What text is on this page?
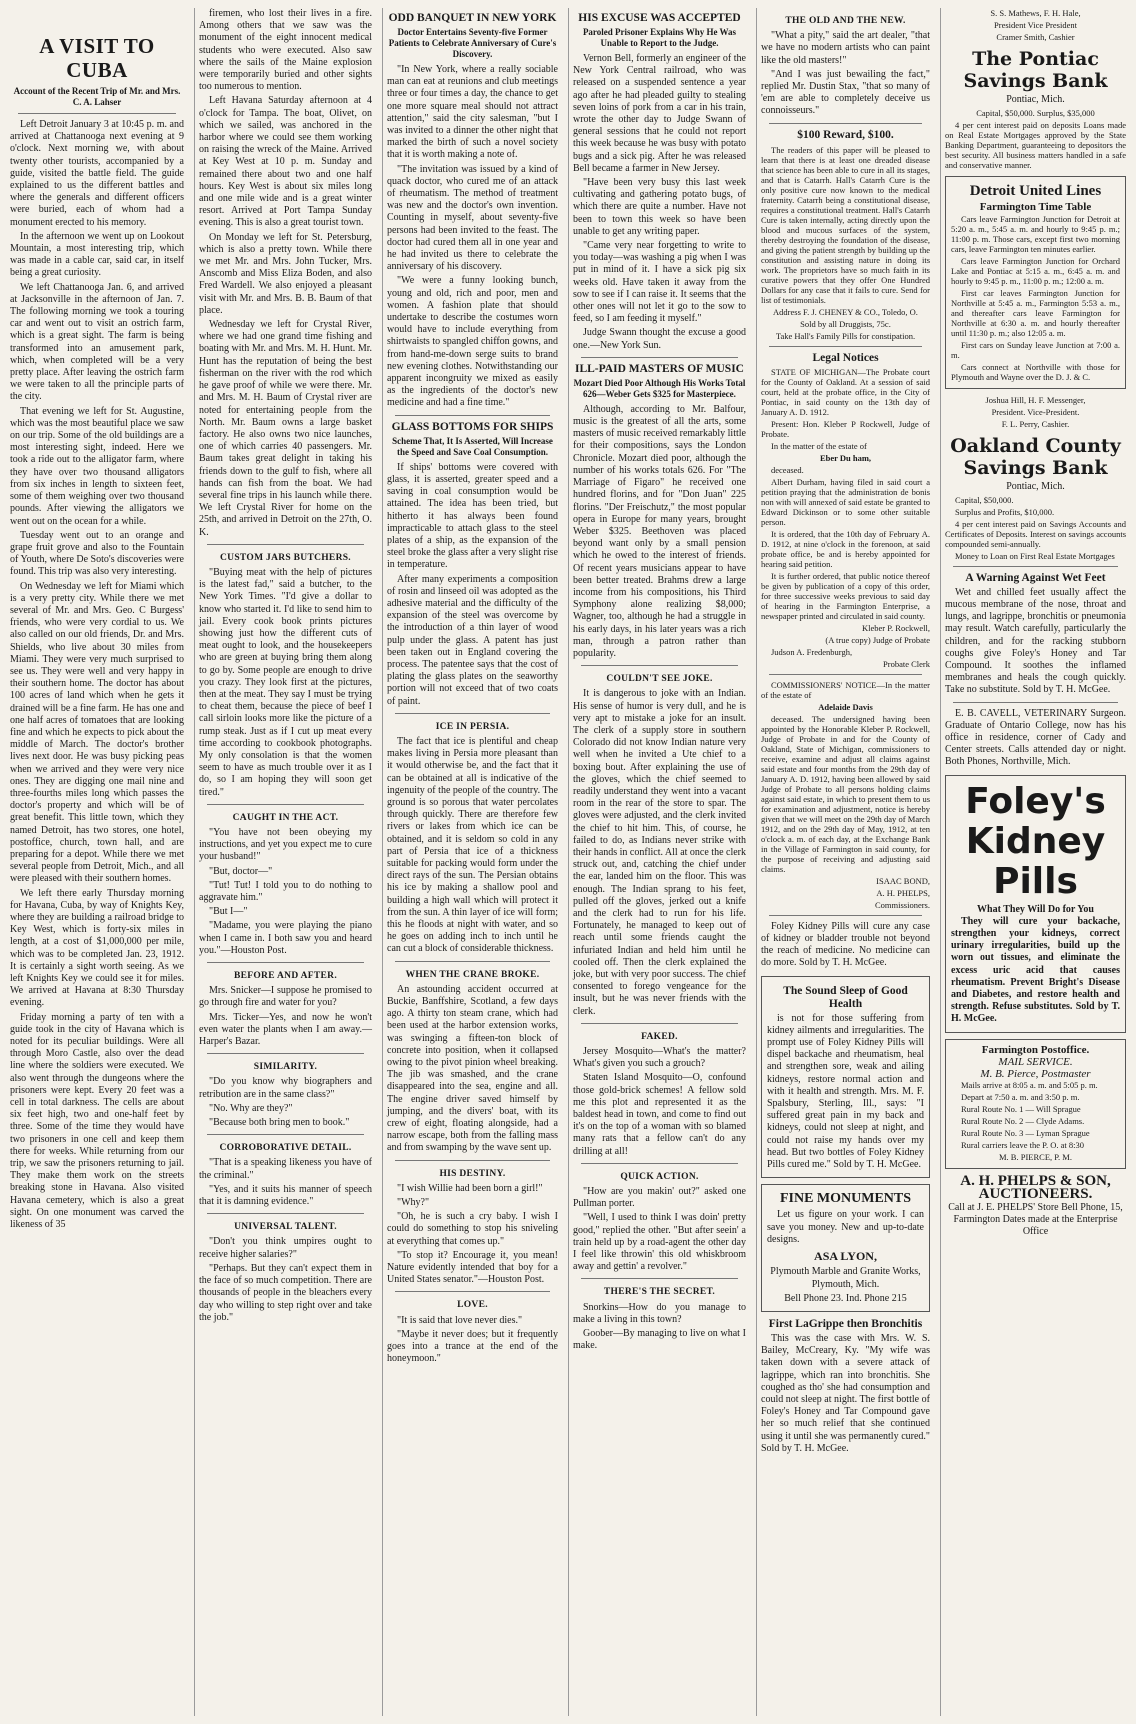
A VISIT TO CUBA
Account of the Recent Trip of Mr. and Mrs. C. A. Lahser

Left Detroit January 3 at 10:45 p. m. and arrived at Chattanooga next evening at 9 o'clock. Next morning we, with about twenty other tourists, accompanied by a guide, visited the battle field. The guide explained to us the different battles and where the generals and different officers were buried, each of whom had a monument erected to his memory.

In the afternoon we went up on Lookout Mountain, a most interesting trip, which was made in a cable car, said car, in itself being a great curiosity.

We left Chattanooga Jan. 6, and arrived at Jacksonville in the afternoon of Jan. 7. The following morning we took a touring car and went out to visit an ostrich farm, which is a great sight. The farm is being transformed into an amusement park, which, when completed will be a very pretty place. After leaving the ostrich farm we were taken to all the principle parts of the city.

That evening we left for St. Augustine, which was the most beautiful place we saw on our trip. Some of the old buildings are a most interesting sight, indeed. Here we took a ride out to the alligator farm, where they have over two thousand alligators from six inches in length to sixteen feet, some of them weighing over two thousand pounds. After viewing the alligators we went out on the ocean for a while.

Tuesday went out to an orange and grape fruit grove and also to the Fountain of Youth, where De Soto's discoveries were found. This trip was also very interesting.

On Wednesday we left for Miami which is a very pretty city. While there we met several of Mr. and Mrs. Geo. C Burgess' friends, who were very cordial to us. We also called on our old friends, Dr. and Mrs. Shields, who live about 30 miles from Miami. They were very much surprised to see us. They were well and very happy in their southern home. The doctor has about 100 acres of land which when he gets it drained will be a fine farm. He has one and one half acres of tomatoes that are looking fine and which he expects to pick about the middle of March. The doctor's brother lives next door. He was busy picking peas when we arrived and they were very nice ones. They are digging one mail nine and three-fourths miles long which passes the doctor's property and which will be of great benefit. This little town, which they named Detroit, has two stores, one hotel, postoffice, church, town hall, and are preparing for a depot. While there we met several people from Detroit, Mich., and all were pleased with their southern homes.

We left there early Thursday morning for Havana, Cuba, by way of Knights Key, where they are building a railroad bridge to Key West, which is forty-six miles in length, at a cost of $1,000,000 per mile, which was to be completed Jan. 23, 1912. It is certainly a sight worth seeing. As we left Knights Key we could see it for miles. We arrived at Havana at 8:30 Thursday evening.

Friday morning a party of ten with a guide took in the city of Havana which is noted for its peculiar buildings. Were all through Moro Castle, also over the dead line where the soldiers were executed. We also went through the dungeons where the prisoners were kept. Every 20 feet was a cell in total darkness. The cells are about six feet high, two and one-half feet by three. Some of the time they would have two prisoners in one cell and keep them there for weeks. While returning from our trip, we saw the prisoners returning to jail. They make them work on the streets breaking stone in Havana. Also visited Havana cemetery, which is also a great sight. On one monument was carved the likeness of 35

firemen, who lost their lives in a fire. Among others that we saw was the monument of the eight innocent medical students who were executed. Also saw where the sails of the Maine explosion were temporarily buried and other sights too numerous to mention.

Left Havana Saturday afternoon at 4 o'clock for Tampa. The boat, Olivet, on which we sailed, was anchored in the harbor where we could see them working on raising the wreck of the Maine. Arrived at Key West at 10 p. m. Sunday and remained there about two and one half hours. Key West is about six miles long and one mile wide and is a great winter resort. Arrived at Port Tampa Sunday evening. This is also a great tourist town.

On Monday we left for St. Petersburg, which is also a pretty town. While there we met Mr. and Mrs. John Tucker, Mrs. Anscomb and Miss Eliza Boden, and also Fred Wardell. We also enjoyed a pleasant visit with Mr. and Mrs. B. B. Baum of that place.

Wednesday we left for Crystal River, where we had one grand time fishing and boating with Mr. and Mrs. M. H. Hunt. Mr. Hunt has the reputation of being the best fisherman on the river with the rod which he gave proof of while we were there. Mr. and Mrs. M. H. Baum of Crystal river are noted for entertaining people from the North. Mr. Baum owns a large basket factory. He also owns two nice launches, one of which carries 40 passengers. Mr. Baum takes great delight in taking his friends down to the gulf to fish, where all hands can fish from the boat. We had several fine trips in his launch while there. We left Crystal River for home on the 25th, and arrived in Detroit on the 27th, O. K.

CUSTOM JARS BUTCHERS.

"Buying meat with the help of pictures is the latest fad," said a butcher, to the New York Times. "I'd give a dollar to know who started it. I'd like to send him to jail. Every cook book prints pictures showing just how the different cuts of meat ought to look, and the housekeepers who are green at buying bring them along to go by. Some people are enough to drive you crazy. They look first at the pictures, then at the meat. They say I must be trying to cheat them, because the piece of beef I call sirloin looks more like the picture of a rump steak. Just as if I cut up meat every time according to cookbook photographs. My only consolation is that the women seem to have as much trouble over it as I do, so I am hoping they will soon get tired."

CAUGHT IN THE ACT.

"You have not been obeying my instructions, and yet you expect me to cure your husband!"

"But, doctor—"

"Tut! Tut! I told you to do nothing to aggravate him."

"But I—"

"Madame, you were playing the piano when I came in. I both saw you and heard you."—Houston Post.

BEFORE AND AFTER.

Mrs. Snicker—I suppose he promised to go through fire and water for you?

Mrs. Ticker—Yes, and now he won't even water the plants when I am away.—Harper's Bazar.

SIMILARITY.

"Do you know why biographers and retribution are in the same class?"

"No. Why are they?"

"Because both bring men to book."

CORROBORATIVE DETAIL.

"That is a speaking likeness you have of the criminal."

"Yes, and it suits his manner of speech that it is damning evidence."

UNIVERSAL TALENT.

"Don't you think umpires ought to receive higher salaries?"

"Perhaps. But they can't expect them in the face of so much competition. There are thousands of people in the bleachers every day who willing to step right over and take the job."

ODD BANQUET IN NEW YORK
Doctor Entertains Seventy-five Former Patients to Celebrate Anniversary of Cure's Discovery.

"In New York, where a really sociable man can eat at reunions and club meetings three or four times a day, the chance to get one more square meal should not attract attention," said the city salesman, "but I was invited to a dinner the other night that marked the birth of such a novel society that it is worth making a note of.

"The invitation was issued by a kind of quack doctor, who cured me of an attack of rheumatism. The method of treatment was new and the doctor's own invention. Counting in myself, about seventy-five persons had been invited to the feast. The doctor had cured them all in one year and he had invited us there to celebrate the anniversary of his discovery.

"We were a funny looking bunch, young and old, rich and poor, men and women. A fashion plate that should undertake to describe the costumes worn would have to include everything from shirtwaists to spangled chiffon gowns, and from hand-me-down serge suits to brand new evening clothes. Notwithstanding our apparent incongruity we mixed as easily as the ingredients of the doctor's new medicine and had a fine time."

GLASS BOTTOMS FOR SHIPS
Scheme That, It Is Asserted, Will Increase the Speed and Save Coal Consumption.

If ships' bottoms were covered with glass, it is asserted, greater speed and a saving in coal consumption would be attained. The idea has been tried, but hitherto it has always been found impracticable to attach glass to the steel plates of a ship, as the expansion of the steel broke the glass after a very slight rise in temperature.

After many experiments a composition of rosin and linseed oil was adopted as the adhesive material and the difficulty of the expansion of the steel was overcome by the introduction of a thin layer of wood pulp under the glass. A patent has just been taken out in England covering the process. The patentee says that the cost of plating the glass plates on the seaworthy portion will not exceed that of two coats of paint.

ICE IN PERSIA.

The fact that ice is plentiful and cheap makes living in Persia more pleasant than it would otherwise be, and the fact that it can be obtained at all is indicative of the ingenuity of the people of the country. The ground is so porous that water percolates through quickly. There are therefore few rivers or lakes from which ice can be obtained, and it is seldom so cold in any part of Persia that ice of a thickness suitable for packing would form under the direct rays of the sun. The Persian obtains his ice by making a shallow pool and building a high wall which will protect it from the sun. A thin layer of ice will form; this he floods at night with water, and so he goes on adding inch to inch until he can cut a block of considerable thickness.

WHEN THE CRANE BROKE.

An astounding accident occurred at Buckie, Banffshire, Scotland, a few days ago. A thirty ton steam crane, which had been used at the harbor extension works, was swinging a fifteen-ton block of concrete into position, when it collapsed owing to the pivot pinion wheel breaking. The jib was smashed, and the crane disappeared into the sea, engine and all. The engine driver saved himself by jumping, and the divers' boat, with its crew of eight, floating alongside, had a narrow escape, both from the falling mass and from swamping by the wave sent up.

HIS DESTINY.

"I wish Willie had been born a girl!"

"Why?"

"Oh, he is such a cry baby. I wish I could do something to stop his sniveling at everything that comes up."

"To stop it? Encourage it, you mean! Nature evidently intended that boy for a United States senator."—Houston Post.

LOVE.

"It is said that love never dies."

"Maybe it never does; but it frequently goes into a trance at the end of the honeymoon."

HIS EXCUSE WAS ACCEPTED
Paroled Prisoner Explains Why He Was Unable to Report to the Judge.

Vernon Bell, formerly an engineer of the New York Central railroad, who was released on a suspended sentence a year ago after he had pleaded guilty to stealing seven loins of pork from a car in his train, wrote the other day to Judge Swann of general sessions that he could not report this week because he was busy with potato bugs and a sick pig. After he was released Bell became a farmer in New Jersey.

"Have been very busy this last week cultivating and gathering potato bugs, of which there are quite a number. Have not been to town this week so have been unable to get any writing paper.

"Came very near forgetting to write to you today—was washing a pig when I was put in mind of it. I have a sick pig six weeks old. Have taken it away from the sow to see if I can raise it. It seems that the other ones will not let it go to the sow to feed, so I am feeding it myself."

Judge Swann thought the excuse a good one.—New York Sun.

ILL-PAID MASTERS OF MUSIC
Mozart Died Poor Although His Works Total 626—Weber Gets $325 for Masterpiece.

Although, according to Mr. Balfour, music is the greatest of all the arts, some masters of music received remarkably little for their compositions, says the London Chronicle. Mozart died poor, although the number of his works totals 626. For "The Marriage of Figaro" he received one hundred florins, and for "Don Juan" 225 florins. "Der Freischutz," the most popular opera in Europe for many years, brought Weber $325. Beethoven was placed beyond want only by a small pension which he owed to the interest of friends. Of recent years musicians appear to have been better treated. Brahms drew a large income from his compositions, his Third Symphony alone realizing $8,000; Wagner, too, although he had a struggle in his early days, in his later years was a rich man, through a patron rather than popularity.

COULDN'T SEE JOKE.

It is dangerous to joke with an Indian. His sense of humor is very dull, and he is very apt to mistake a joke for an insult. The clerk of a supply store in southern Colorado did not know Indian nature very well when he invited a Ute chief to a boxing bout. After explaining the use of the gloves, which the chief seemed to readily understand they went into a vacant room in the rear of the store to spar. The gloves were adjusted, and the clerk invited the chief to hit him. This, of course, he failed to do, as Indians never strike with their hands in conflict. All at once the clerk struck out, and, catching the chief under the ear, landed him on the floor. This was enough. The Indian sprang to his feet, pulled off the gloves, jerked out a knife and the clerk had to run for his life. Fortunately, he managed to keep out of reach until some friends caught the infuriated Indian and held him until he cooled off. Then the clerk explained the joke, but with very poor success. The chief consented to forego vengeance for the insult, but he was never friends with the clerk.

FAKED.

Jersey Mosquito—What's the matter? What's given you such a grouch?

Staten Island Mosquito—O, confound those gold-brick schemes! A fellow sold me this plot and represented it as the baldest head in town, and come to find out it's on the top of a woman with so blamed many rats that a fellow can't do any drilling at all!

QUICK ACTION.

"How are you makin' out?" asked one Pullman porter.

"Well, I used to think I was doin' pretty good," replied the other. "But after seein' a train held up by a road-agent the other day I feel like throwin' this old whiskbroom away and gettin' a revolver."

THERE'S THE SECRET.

Snorkins—How do you manage to make a living in this town?

Goober—By managing to live on what I make.

THE OLD AND THE NEW.

"What a pity," said the art dealer, "that we have no modern artists who can paint like the old masters!"

"And I was just bewailing the fact," replied Mr. Dustin Stax, "that so many of 'em are able to completely deceive us connoisseurs."

$100 Reward, $100.

The readers of this paper will be pleased to learn that there is at least one dreaded disease that science has been able to cure in all its stages, and that is Catarrh. Hall's Catarrh Cure is the only positive cure now known to the medical fraternity. Catarrh being a constitutional disease, requires a constitutional treatment. Hall's Catarrh Cure is taken internally, acting directly upon the blood and mucous surfaces of the system, thereby destroying the foundation of the disease, and giving the patient strength by building up the constitution and assisting nature in doing its work. The proprietors have so much faith in its curative powers that they offer One Hundred Dollars for any case that it fails to cure. Send for list of testimonials.

Address F. J. CHENEY & CO., Toledo, O.

Sold by all Druggists, 75c.

Take Hall's Family Pills for constipation.

Legal Notices

STATE OF MICHIGAN—The Probate court for the County of Oakland. At a session of said court, held at the probate office, in the City of Pontiac, in said county on the 13th day of January A. D. 1912.

Present: Hon. Kleber P Rockwell, Judge of Probate.

In the matter of the estate of

Eber Du ham,

deceased.

Albert Durham, having filed in said court a petition praying that the administration de bonis non with will annexed of said estate be granted to Edward Dickinson or to some other suitable person.

It is ordered, that the 10th day of February A. D. 1912, at nine o'clock in the forenoon, at said probate office, be and is hereby appointed for hearing said petition.

It is further ordered, that public notice thereof be given by publication of a copy of this order, for three successive weeks previous to said day of hearing in the Farmington Enterprise, a newspaper printed and circulated in said county.

Kleber P. Rockwell,

(A true copy) Judge of Probate

Judson A. Fredenburgh,

Probate Clerk

COMMISSIONERS' NOTICE—In the matter of the estate of

Adelaide Davis

deceased. The undersigned having been appointed by the Honorable Kleber P. Rockwell, Judge of Probate in and for the County of Oakland, State of Michigan, commissioners to receive, examine and adjust all claims against said estate and four months from the 29th day of January A. D. 1912, having been allowed by said Judge of Probate to all persons holding claims against said estate, in which to present them to us for examination and adjustment, notice is hereby given that we will meet on the 29th day of March 1912, and on the 29th day of May, 1912, at ten o'clock a. m. of each day, at the Exchange Bank in the Village of Farmington in said county, for the purpose of receiving and adjusting said claims.

ISAAC BOND,

A. H. PHELPS,

Commissioners.

Foley Kidney Pills will cure any case of kidney or bladder trouble not beyond the reach of medicine. No medicine can do more. Sold by T. H. McGee.

The Sound Sleep of Good Health

is not for those suffering from kidney ailments and irregularities. The prompt use of Foley Kidney Pills will dispel backache and rheumatism, heal and strengthen sore, weak and ailing kidneys, restore normal action and with it health and strength. Mrs. M. F. Spalsbury, Sterling, Ill., says: "I suffered great pain in my back and kidneys, could not sleep at night, and could not raise my hands over my head. But two bottles of Foley Kidney Pills cured me." Sold by T. H. McGee.

FINE MONUMENTS

Let us figure on your work. I can save you money. New and up-to-date designs.

ASA LYON,

Plymouth Marble and Granite Works, Plymouth, Mich.

Bell Phone 23. Ind. Phone 215

First LaGrippe then Bronchitis

This was the case with Mrs. W. S. Bailey, McCreary, Ky. "My wife was taken down with a severe attack of lagrippe, which ran into bronchitis. She coughed as tho' she had consumption and could not sleep at night. The first bottle of Foley's Honey and Tar Compound gave her so much relief that she continued using it until she was permanently cured." Sold by T. H. McGee.

S. S. Mathews, F. H. Hale,

President Vice President

Cramer Smith, Cashier

The Pontiac Savings Bank

Pontiac, Mich.

Capital, $50,000. Surplus, $35,000

4 per cent interest paid on deposits Loans made on Real Estate Mortgages approved by the State Banking Department, guaranteeing to depositors the best security. All business matters handled in a safe and conservative manner.

Detroit United Lines
Farmington Time Table

Cars leave Farmington Junction for Detroit at 5:20 a. m., 5:45 a. m. and hourly to 9:45 p. m.; 11:00 p. m. Those cars, except first two morning cars, leave Farmington ten minutes earlier.

Cars leave Farmington Junction for Orchard Lake and Pontiac at 5:15 a. m., 6:45 a. m. and hourly to 9:45 p. m., 11:00 p. m.; 12:00 a. m.

First car leaves Farmington Junction for Northville at 5:45 a. m., Farmington 5:53 a. m., and thereafter cars leave Farmington for Northville at 6:30 a. m. and hourly thereafter until 11:30 p. m.; also 12:05 a. m.

First cars on Sunday leave Junction at 7:00 a. m.

Cars connect at Northville with those for Plymouth and Wayne over the D. J. & C.

Joshua Hill, H. F. Messenger,

President. Vice-President.

F. L. Perry, Cashier.

Oakland County Savings Bank

Pontiac, Mich.

Capital, $50,000.

Surplus and Profits, $10,000.

4 per cent interest paid on Savings Accounts and Certificates of Deposits. Interest on savings accounts compounded semi-annually.

Money to Loan on First Real Estate Mortgages

A Warning Against Wet Feet

Wet and chilled feet usually affect the mucous membrane of the nose, throat and lungs, and lagrippe, bronchitis or pneumonia may result. Watch carefully, particularly the children, and for the racking stubborn coughs give Foley's Honey and Tar Compound. It soothes the inflamed membranes and heals the cough quickly. Take no substitute. Sold by T. H. McGee.

E. B. CAVELL, VETERINARY Surgeon. Graduate of Ontario College, now has his office in residence, corner of Cady and Center streets. Calls attended day or night. Both Phones, Northville, Mich.

Foley's
Kidney
Pills
What They Will Do for You

They will cure your backache, strengthen your kidneys, correct urinary irregularities, build up the worn out tissues, and eliminate the excess uric acid that causes rheumatism. Prevent Bright's Disease and Diabetes, and restore health and strength. Refuse substitutes. Sold by T. H. McGee.

Farmington Postoffice.
MAIL SERVICE.
M. B. Pierce, Postmaster

Mails arrive at 8:05 a. m. and 5:05 p. m.

Depart at 7:50 a. m. and 3:50 p. m.

Rural Route No. 1 — Will Sprague

Rural Route No. 2 — Clyde Adams.

Rural Route No. 3 — Lyman Sprague

Rural carriers leave the P. O. at 8:30

M. B. PIERCE, P. M.

A. H. PHELPS & SON, AUCTIONEERS.

Call at J. E. PHELPS' Store Bell Phone, 15, Farmington Dates made at the Enterprise Office
